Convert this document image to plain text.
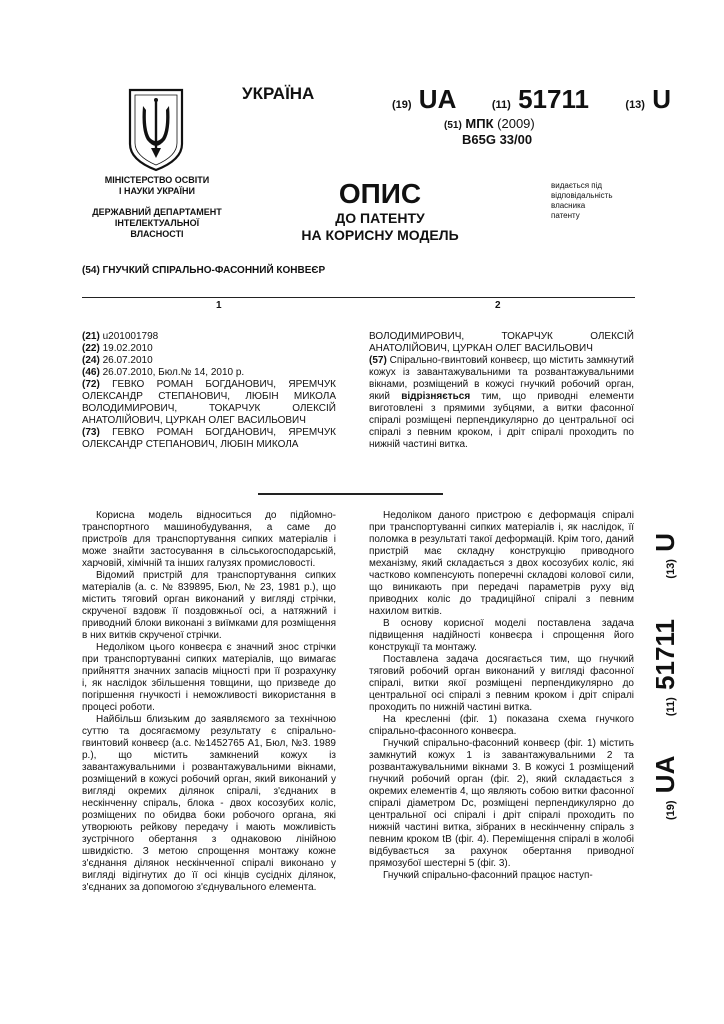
УКРАЇНА
(19) UA	(11) 51711	(13) U
(51) МПК (2009)
B65G 33/00
МІНІСТЕРСТВО ОСВІТИ
І НАУКИ УКРАЇНИ
ДЕРЖАВНИЙ ДЕПАРТАМЕНТ
ІНТЕЛЕКТУАЛЬНОЇ
ВЛАСНОСТІ
ОПИС
ДО ПАТЕНТУ
НА КОРИСНУ МОДЕЛЬ
видається під
відповідальність
власника
патенту
(54) ГНУЧКИЙ СПІРАЛЬНО-ФАСОННИЙ КОНВЕЄР
1	2
(21) u201001798
(22) 19.02.2010
(24) 26.07.2010
(46) 26.07.2010, Бюл.№ 14, 2010 р.
(72) ГЕВКО РОМАН БОГДАНОВИЧ, ЯРЕМЧУК ОЛЕКСАНДР СТЕПАНОВИЧ, ЛЮБІН МИКОЛА ВОЛОДИМИРОВИЧ, ТОКАРЧУК ОЛЕКСІЙ АНАТОЛІЙОВИЧ, ЦУРКАН ОЛЕГ ВАСИЛЬОВИЧ
(73) ГЕВКО РОМАН БОГДАНОВИЧ, ЯРЕМЧУК ОЛЕКСАНДР СТЕПАНОВИЧ, ЛЮБІН МИКОЛА
ВОЛОДИМИРОВИЧ, ТОКАРЧУК ОЛЕКСІЙ АНАТОЛІЙОВИЧ, ЦУРКАН ОЛЕГ ВАСИЛЬОВИЧ
(57) Спірально-гвинтовий конвеєр, що містить замкнутий кожух із завантажувальними та розвантажувальними вікнами, розміщений в кожусі гнучкий робочий орган, який відрізняється тим, що приводні елементи виготовлені з прямими зубцями, а витки фасонної спіралі розміщені перпендикулярно до центральної осі спіралі з певним кроком, і дріт спіралі проходить по нижній частині витка.

Корисна модель відноситься до підйомно-транспортного машинобудування, а саме до пристроїв для транспортування сипких матеріалів і може знайти застосування в сільськогосподарській, харчовій, хімічній та інших галузях промисловості.

Відомий пристрій для транспортування сипких матеріалів (а. с. № 839895, Бюл, № 23, 1981 р.), що містить тяговий орган виконаний у вигляді стрічки, скрученої вздовж її поздовжньої осі, а натяжний і приводний блоки виконані з виїмками для розміщення в них витків скрученої стрічки.

Недоліком цього конвеєра є значний знос стрічки при транспортуванні сипких матеріалів, що вимагає прийняття значних запасів міцності при її розрахунку і, як наслідок збільшення товщини, що призведе до погіршення гнучкості і неможливості використання в процесі роботи.

Найбільш близьким до заявляємого за технічною суттю та досягаємому результату є спірально-гвинтовий конвеєр (а.с. №1452765 А1, Бюл, №3. 1989 р.), що містить замкнений кожух із завантажувальними і розвантажувальними вікнами, розміщений в кожусі робочий орган, який виконаний у вигляді окремих ділянок спіралі, з'єднаних в нескінченну спіраль, блока - двох косозубих коліс, розміщених по обидва боки робочого органа, які утворюють рейкову передачу і мають можливість зустрічного обертання з однаковою лінійною швидкістю. З метою спрощення монтажу кожне з'єднання ділянок нескінченної спіралі виконано у вигляді відігнутих до її осі кінців сусідніх ділянок, з'єднаних за допомогою з'єднувального елемента.

Недоліком даного пристрою є деформація спіралі при транспортуванні сипких матеріалів і, як наслідок, її поломка в результаті такої деформацій. Крім того, даний пристрій має складну конструкцію приводного механізму, який складається з двох косозубих коліс, які частково компенсують поперечні складові колової сили, що виникають при передачі параметрів руху від приводних коліс до традиційної спіралі з певним нахилом витків.

В основу корисної моделі поставлена задача підвищення надійності конвеєра і спрощення його конструкції та монтажу.

Поставлена задача досягається тим, що гнучкий тяговий робочий орган виконаний у вигляді фасонної спіралі, витки якої розміщені перпендикулярно до центральної осі спіралі з певним кроком і дріт спіралі проходить по нижній частині витка.

На кресленні (фіг. 1) показана схема гнучкого спірально-фасонного конвеєра.

Гнучкий спірально-фасонний конвеєр (фіг. 1) містить замкнутий кожух 1 із завантажувальними 2 та розвантажувальними вікнами 3. В кожусі 1 розміщений гнучкий робочий орган (фіг. 2), який складається з окремих елементів 4, що являють собою витки фасонної спіралі діаметром Dc, розміщені перпендикулярно до центральної осі спіралі і дріт спіралі проходить по нижній частині витка, зібраних в нескінченну спіраль з певним кроком tB (фіг. 4). Переміщення спіралі в жолобі відбувається за рахунок обертання приводної прямозубої шестерні 5 (фіг. 3).

Гнучкий спірально-фасонний працює наступ-

(19) UA  (11) 51711  (13) U
